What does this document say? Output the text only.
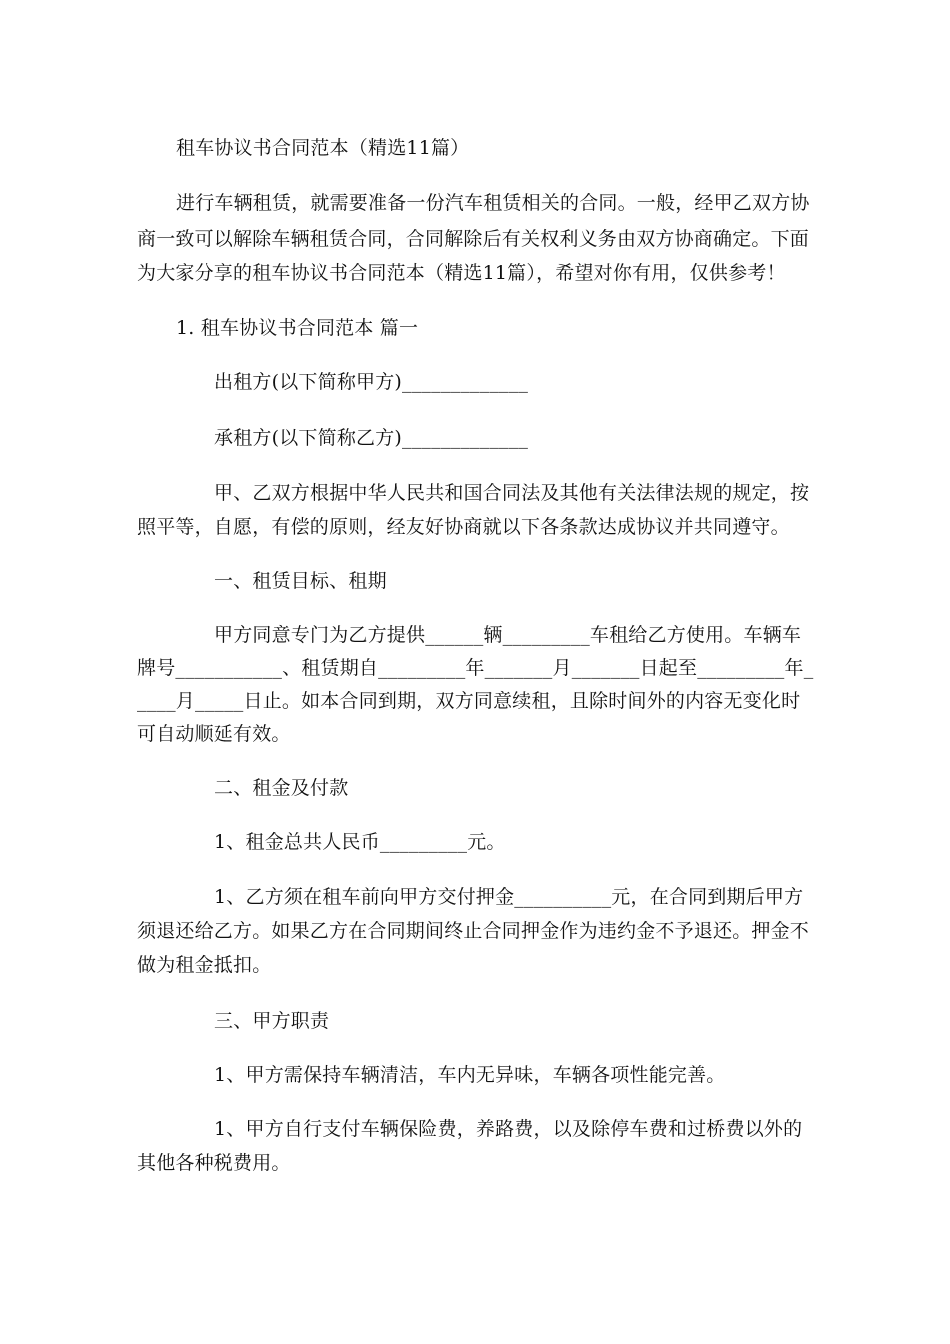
租车协议书合同范本（精选11篇）
进行车辆租赁，就需要准备一份汽车租赁相关的合同。一般，经甲乙双方协
商一致可以解除车辆租赁合同，合同解除后有关权利义务由双方协商确定。下面
为大家分享的租车协议书合同范本（精选11篇），希望对你有用，仅供参考！
1. 租车协议书合同范本 篇一
出租方(以下简称甲方)_____________
承租方(以下简称乙方)_____________
甲、乙双方根据中华人民共和国合同法及其他有关法律法规的规定，按
照平等，自愿，有偿的原则，经友好协商就以下各条款达成协议并共同遵守。
一、租赁目标、租期
甲方同意专门为乙方提供______辆_________车租给乙方使用。车辆车
牌号___________、租赁期自_________年_______月_______日起至_________年_
____月_____日止。如本合同到期，双方同意续租，且除时间外的内容无变化时
可自动顺延有效。
二、租金及付款
1、租金总共人民币_________元。
1、乙方须在租车前向甲方交付押金__________元，在合同到期后甲方
须退还给乙方。如果乙方在合同期间终止合同押金作为违约金不予退还。押金不
做为租金抵扣。
三、甲方职责
1、甲方需保持车辆清洁，车内无异味，车辆各项性能完善。
1、甲方自行支付车辆保险费，养路费，以及除停车费和过桥费以外的
其他各种税费用。
